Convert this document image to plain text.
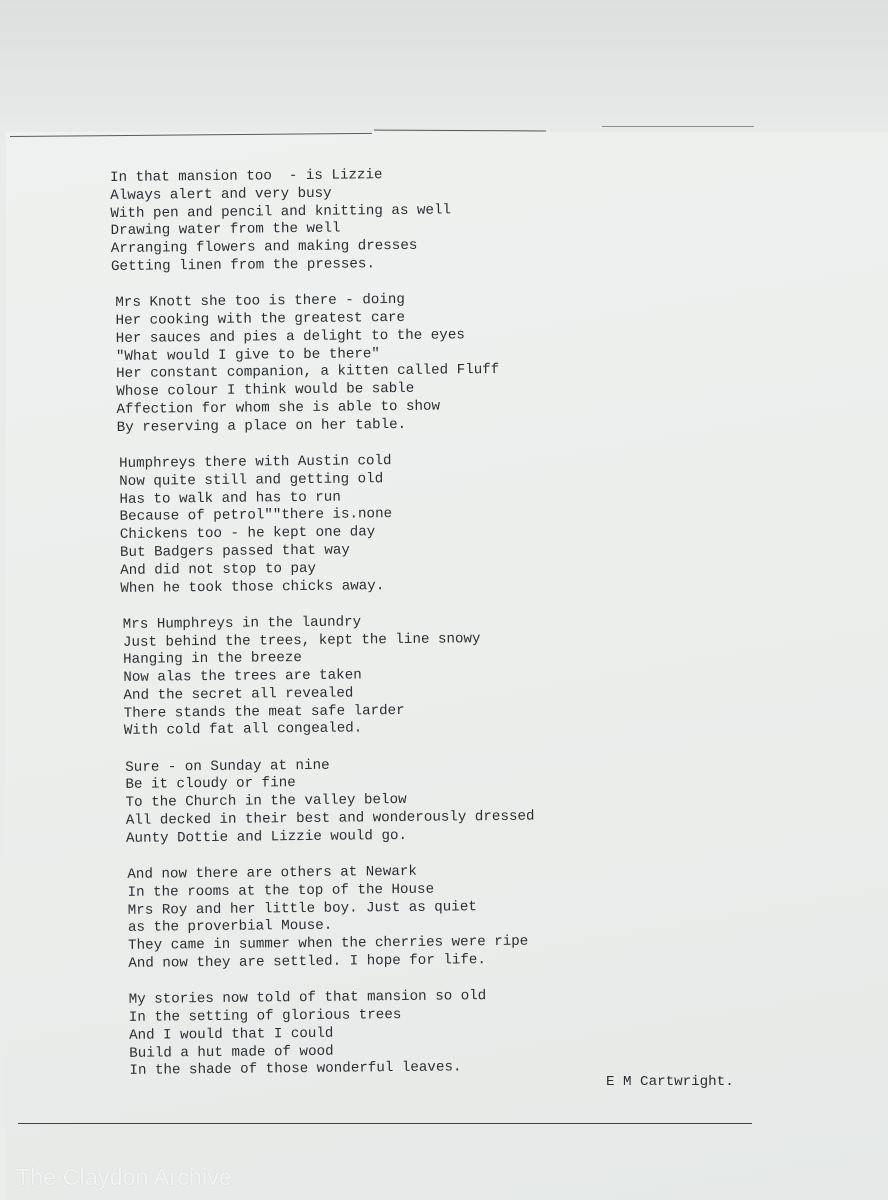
In that mansion too  - is Lizzie
Always alert and very busy
With pen and pencil and knitting as well
Drawing water from the well
Arranging flowers and making dresses
Getting linen from the presses.
Mrs Knott she too is there - doing
Her cooking with the greatest care
Her sauces and pies a delight to the eyes
"What would I give to be there"
Her constant companion, a kitten called Fluff
Whose colour I think would be sable
Affection for whom she is able to show
By reserving a place on her table.
Humphreys there with Austin cold
Now quite still and getting old
Has to walk and has to run
Because of petrol""there is.none
Chickens too - he kept one day
But Badgers passed that way
And did not stop to pay
When he took those chicks away.
Mrs Humphreys in the laundry
Just behind the trees, kept the line snowy
Hanging in the breeze
Now alas the trees are taken
And the secret all revealed
There stands the meat safe larder
With cold fat all congealed.
Sure - on Sunday at nine
Be it cloudy or fine
To the Church in the valley below
All decked in their best and wonderously dressed
Aunty Dottie and Lizzie would go.
And now there are others at Newark
In the rooms at the top of the House
Mrs Roy and her little boy. Just as quiet
as the proverbial Mouse.
They came in summer when the cherries were ripe
And now they are settled. I hope for life.
My stories now told of that mansion so old
In the setting of glorious trees
And I would that I could
Build a hut made of wood
In the shade of those wonderful leaves.
E M Cartwright.
The Claydon Archive
